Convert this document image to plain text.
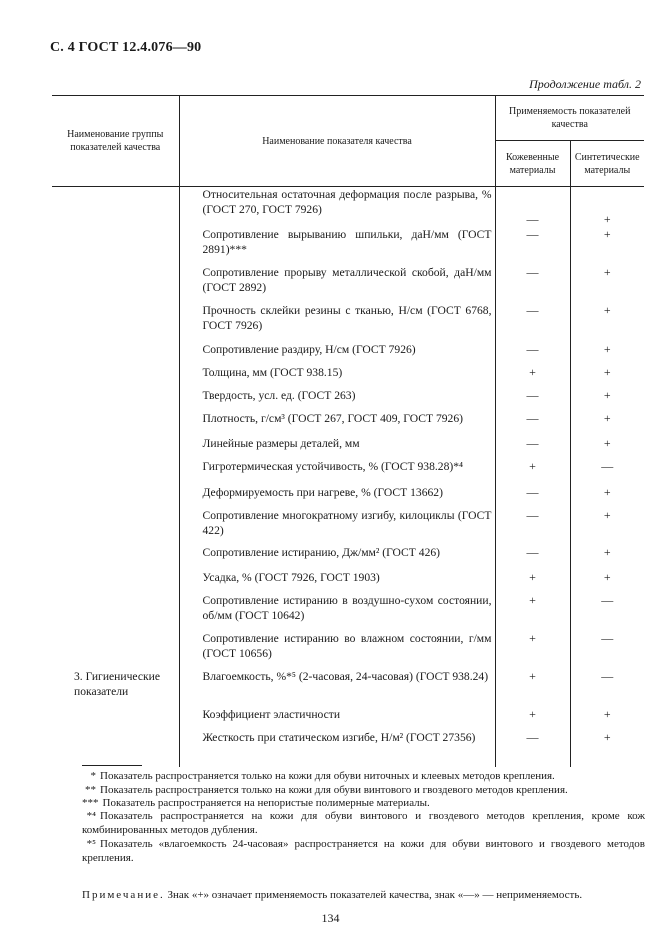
С. 4 ГОСТ 12.4.076—90
Продолжение табл. 2
Наименование группы показателей качества	Наименование показателя качества	Применяемость показателей качества	
		Кожевенные материалы	Синтетические материалы
	Относительная остаточная деформация после разрыва, % (ГОСТ 270, ГОСТ 7926)	—	+
	Сопротивление вырыванию шпильки, даН/мм (ГОСТ 2891)***	—	+
	Сопротивление прорыву металлической скобой, даН/мм (ГОСТ 2892)	—	+
	Прочность склейки резины с тканью, Н/см (ГОСТ 6768, ГОСТ 7926)	—	+
	Сопротивление раздиру, Н/см (ГОСТ 7926)	—	+
	Толщина, мм (ГОСТ 938.15)	+	+
	Твердость, усл. ед. (ГОСТ 263)	—	+
	Плотность, г/см³ (ГОСТ 267, ГОСТ 409, ГОСТ 7926)	—	+
	Линейные размеры деталей, мм	—	+
	Гигротермическая устойчивость, % (ГОСТ 938.28)*⁴	+	—
	Деформируемость при нагреве, % (ГОСТ 13662)	—	+
	Сопротивление многократному изгибу, килоциклы (ГОСТ 422)	—	+
	Сопротивление истиранию, Дж/мм² (ГОСТ 426)	—	+
	Усадка, % (ГОСТ 7926, ГОСТ 1903)	+	+
	Сопротивление истиранию в воздушно-сухом состоянии, об/мм (ГОСТ 10642)	+	—
	Сопротивление истиранию во влажном состоянии, г/мм (ГОСТ 10656)	+	—

3. Гигиенические показатели	Влагоемкость, %*⁵ (2-часовая, 24-часовая) (ГОСТ 938.24)	+	—
	Коэффициент эластичности	+	+
	Жесткость при статическом изгибе, Н/м² (ГОСТ 27356)	—	+
* Показатель распространяется только на кожи для обуви ниточных и клеевых методов крепления.
** Показатель распространяется только на кожи для обуви винтового и гвоздевого методов крепления.
*** Показатель распространяется на непористые полимерные материалы.
*⁴ Показатель распространяется на кожи для обуви винтового и гвоздевого методов крепления, кроме кож комбинированных методов дубления.
*⁵ Показатель «влагоемкость 24-часовая» распространяется на кожи для обуви винтового и гвоздевого методов крепления.
Примечание. Знак «+» означает применяемость показателей качества, знак «—» — неприменяемость.
134
